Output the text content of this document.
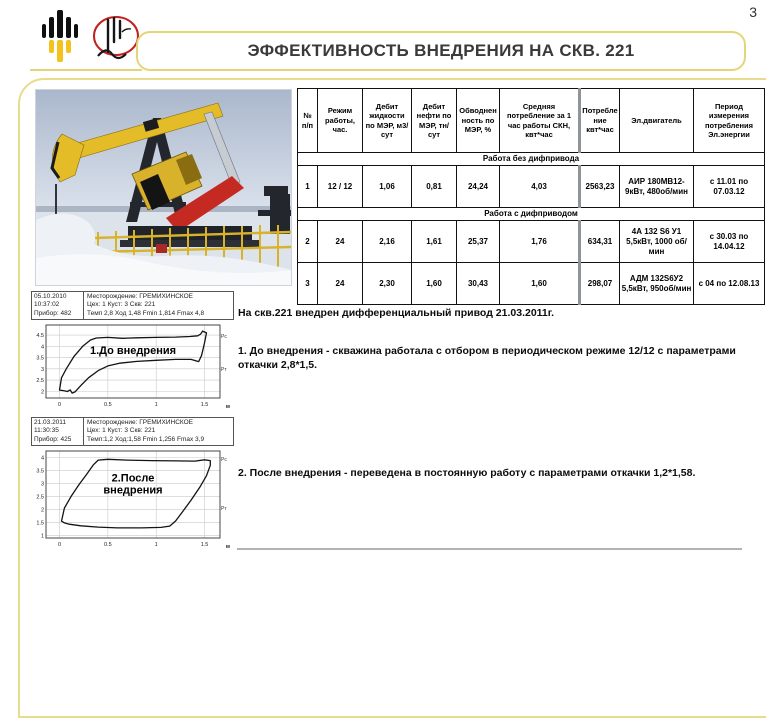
3
ЭФФЕКТИВНОСТЬ ВНЕДРЕНИЯ НА СКВ. 221
№ п/п	Режим работы, час.	Дебит жидкости по МЭР, м3/сут	Дебит нефти по МЭР, тн/сут	Обводненность по МЭР, %	Средняя потребление за 1 час работы СКН, квт*час	Потребление квт*час	Эл.двигатель	Период измерения потребления Эл.энергии
Работа без дифпривода								
1	12 / 12	1,06	0,81	24,24	4,03	2563,23	АИР 180МВ12-9кВт, 480об/мин	с 11.01 по 07.03.12
Работа с дифприводом								
2	24	2,16	1,61	25,37	1,76	634,31	4А 132 S6 У1 5,5кВт, 1000 об/мин	с 30.03 по 14.04.12
3	24	2,30	1,60	30,43	1,60	298,07	АДМ 132S6У2 5,5кВт, 950об/мин	с 04 по 12.08.13
На скв.221 внедрен дифференциальный привод 21.03.2011г.
1. До внедрения - скважина работала с отбором в периодическом режиме 12/12 с параметрами откачки 2,8*1,5.
2. После внедрения - переведена в постоянную работу с параметрами откачки 1,2*1,58.
05.10.2010
10:37:02
Прибор: 482
Месторождение: ГРЕМИХИНСКОЕ
Цех: 1 Куст: 3 Скв: 221
Темп 2,8 Ход 1,48 Fmin 1,814 Fmax 4,8
2
2.5
3
3.5
4
4.5
0	0.5	1	1.5
1.До внедрения
Рс
Рт
м
21.03.2011
11:30:35
Прибор: 425
Месторождение: ГРЕМИХИНСКОЕ
Цех: 1 Куст: 3 Скв: 221
Темп:1,2 Ход:1,58 Fmin 1,256 Fmax 3,9
1
1.5
2
2.5
3
3.5
4
0	0.5	1	1.5
2.После
внедрения
Рс
Рт
м
